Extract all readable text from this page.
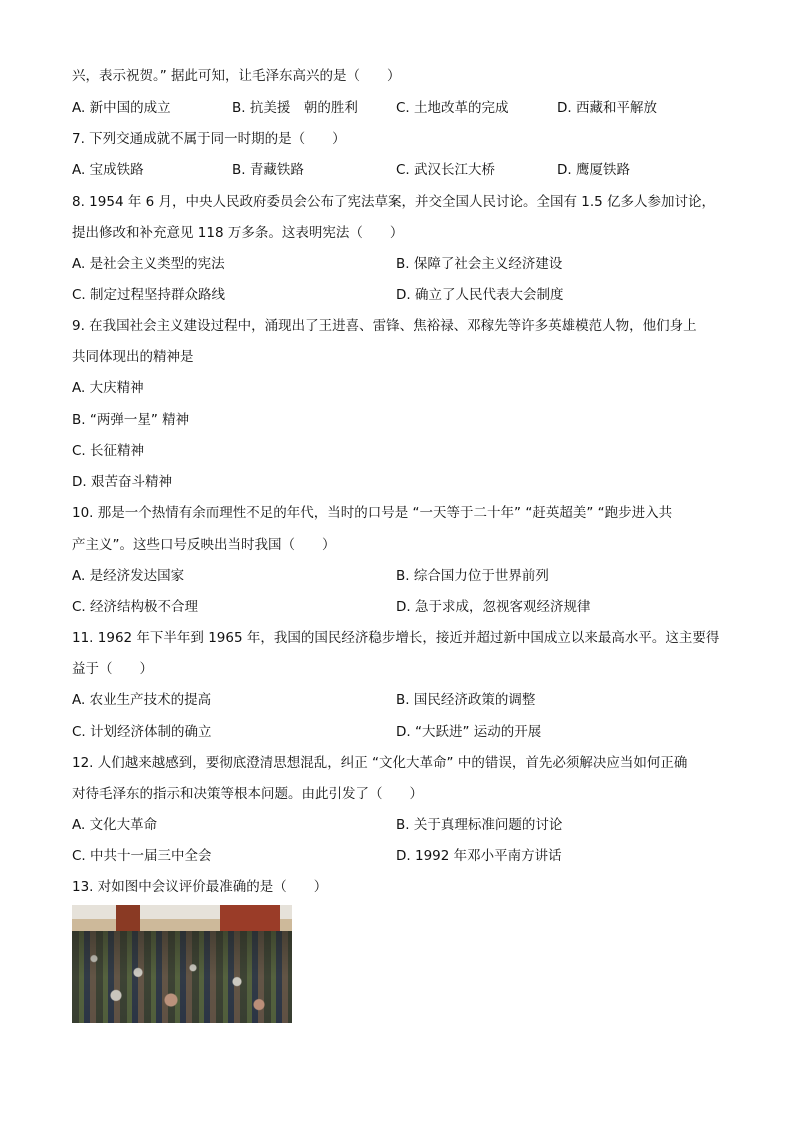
兴，表示祝贺。” 据此可知，让毛泽东高兴的是（　　）
A. 新中国的成立	B. 抗美援　朝的胜利	C. 土地改革的完成	D. 西藏和平解放
7. 下列交通成就不属于同一时期的是（　　）
A. 宝成铁路	B. 青藏铁路	C. 武汉长江大桥	D. 鹰厦铁路
8. 1954 年 6 月，中央人民政府委员会公布了宪法草案，并交全国人民讨论。全国有 1.5 亿多人参加讨论，
提出修改和补充意见 118 万多条。这表明宪法（　　）
A. 是社会主义类型的宪法	B. 保障了社会主义经济建设
C. 制定过程坚持群众路线	D. 确立了人民代表大会制度
9. 在我国社会主义建设过程中，涌现出了王进喜、雷锋、焦裕禄、邓稼先等许多英雄模范人物，他们身上
共同体现出的精神是
A. 大庆精神
B. “两弹一星” 精神
C. 长征精神
D. 艰苦奋斗精神
10. 那是一个热情有余而理性不足的年代，当时的口号是 “一天等于二十年” “赶英超美” “跑步进入共
产主义”。这些口号反映出当时我国（　　）
A. 是经济发达国家	B. 综合国力位于世界前列
C. 经济结构极不合理	D. 急于求成，忽视客观经济规律
11. 1962 年下半年到 1965 年，我国的国民经济稳步增长，接近并超过新中国成立以来最高水平。这主要得
益于（　　）
A. 农业生产技术的提高	B. 国民经济政策的调整
C. 计划经济体制的确立	D. “大跃进” 运动的开展
12. 人们越来越感到，要彻底澄清思想混乱，纠正 “文化大革命” 中的错误，首先必须解决应当如何正确
对待毛泽东的指示和决策等根本问题。由此引发了（　　）
A. 文化大革命	B. 关于真理标准问题的讨论
C. 中共十一届三中全会	D. 1992 年邓小平南方讲话
13. 对如图中会议评价最准确的是（　　）
